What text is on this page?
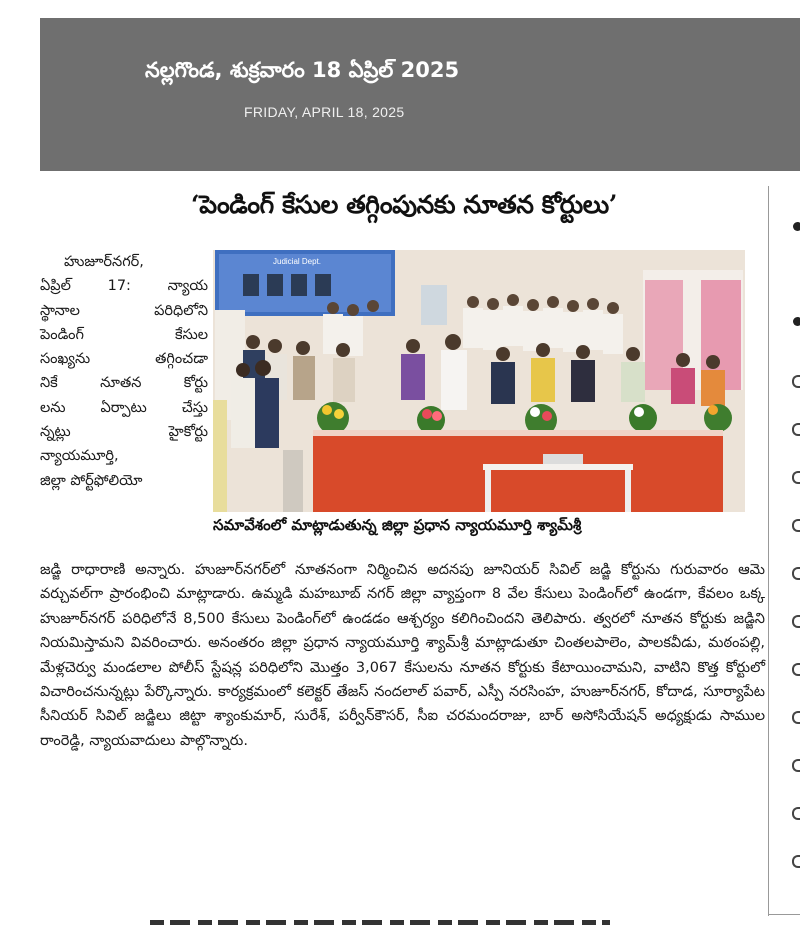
నల్లగొండ, శుక్రవారం 18 ఏప్రిల్ 2025
FRIDAY, APRIL 18, 2025
‘పెండింగ్ కేసుల తగ్గింపునకు నూతన కోర్టులు’
హుజూర్‌నగర్,
ఏప్రిల్ 17: న్యాయ
స్థానాల పరిధిలోని
పెండింగ్ కేసుల
సంఖ్యను తగ్గించడా
నికే నూతన కోర్టు
లను ఏర్పాటు చేస్తు
న్నట్లు హైకోర్టు
న్యాయమూర్తి,
జిల్లా పోర్ట్‌ఫోలియో
Judicial Dept.
సమావేశంలో మాట్లాడుతున్న జిల్లా ప్రధాన న్యాయమూర్తి శ్యామ్‌శ్రీ

జడ్జి రాధారాణి అన్నారు. హుజూర్‌నగర్‌లో నూతనంగా నిర్మించిన అదనపు జూనియర్ సివిల్ జడ్జి కోర్టును గురువారం ఆమె వర్చువల్‌గా ప్రారంభించి మాట్లాడారు. ఉమ్మడి మహబూబ్ నగర్ జిల్లా వ్యాప్తంగా 8 వేల కేసులు పెండింగ్‌లో ఉండగా, కేవలం ఒక్క హుజూర్‌నగర్ పరిధిలోనే 8,500 కేసులు పెండింగ్‌లో ఉండడం ఆశ్చర్యం కలిగించిందని తెలిపారు. త్వరలో నూతన కోర్టుకు జడ్జిని నియమిస్తామని వివరించారు. అనంతరం జిల్లా ప్రధాన న్యాయమూర్తి శ్యామ్‌శ్రీ మాట్లాడుతూ చింతలపాలెం, పాలకవీడు, మఠంపల్లి, మేళ్లచెర్వు మండలాల పోలీస్ స్టేషన్ల పరిధిలోని మొత్తం 3,067 కేసులను నూతన కోర్టుకు కేటాయించామని, వాటిని కొత్త కోర్టులో విచారించనున్నట్లు పేర్కొన్నారు. కార్యక్రమంలో కలెక్టర్ తేజస్ నందలాల్ పవార్, ఎస్పీ నరసింహ, హుజూర్‌నగర్, కోదాడ, సూర్యాపేట సీనియర్ సివిల్ జడ్జిలు జిట్టా శ్యాంకుమార్, సురేశ్, పర్వీన్‌కౌసర్, సీఐ చరమందరాజు, బార్ అసోసియేషన్ అధ్యక్షుడు సాముల రాంరెడ్డి, న్యాయవాదులు పాల్గొన్నారు.
